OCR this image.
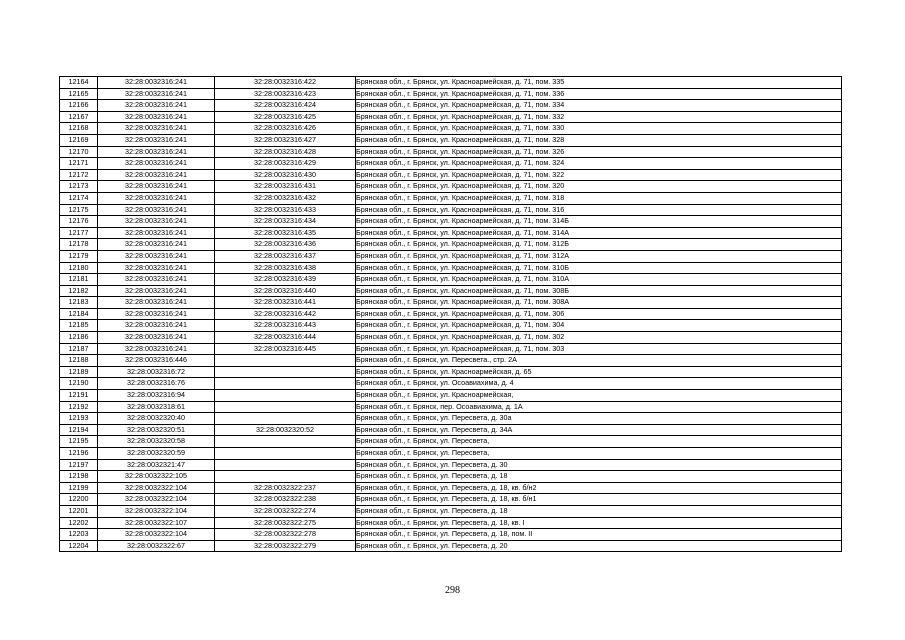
12164	32:28:0032316:241	32:28:0032316:422	Брянская обл., г. Брянск, ул. Красноармейская, д. 71, пом. 335
12165	32:28:0032316:241	32:28:0032316:423	Брянская обл., г. Брянск, ул. Красноармейская, д. 71, пом. 336
12166	32:28:0032316:241	32:28:0032316:424	Брянская обл., г. Брянск, ул. Красноармейская, д. 71, пом. 334
12167	32:28:0032316:241	32:28:0032316:425	Брянская обл., г. Брянск, ул. Красноармейская, д. 71, пом. 332
12168	32:28:0032316:241	32:28:0032316:426	Брянская обл., г. Брянск, ул. Красноармейская, д. 71, пом. 330
12169	32:28:0032316:241	32:28:0032316:427	Брянская обл., г. Брянск, ул. Красноармейская, д. 71, пом. 328
12170	32:28:0032316:241	32:28:0032316:428	Брянская обл., г. Брянск, ул. Красноармейская, д. 71, пом. 326
12171	32:28:0032316:241	32:28:0032316:429	Брянская обл., г. Брянск, ул. Красноармейская, д. 71, пом. 324
12172	32:28:0032316:241	32:28:0032316:430	Брянская обл., г. Брянск, ул. Красноармейская, д. 71, пом. 322
12173	32:28:0032316:241	32:28:0032316:431	Брянская обл., г. Брянск, ул. Красноармейская, д. 71, пом. 320
12174	32:28:0032316:241	32:28:0032316:432	Брянская обл., г. Брянск, ул. Красноармейская, д. 71, пом. 318
12175	32:28:0032316:241	32:28:0032316:433	Брянская обл., г. Брянск, ул. Красноармейская, д. 71, пом. 316
12176	32:28:0032316:241	32:28:0032316:434	Брянская обл., г. Брянск, ул. Красноармейская, д. 71, пом. 314Б
12177	32:28:0032316:241	32:28:0032316:435	Брянская обл., г. Брянск, ул. Красноармейская, д. 71, пом. 314А
12178	32:28:0032316:241	32:28:0032316:436	Брянская обл., г. Брянск, ул. Красноармейская, д. 71, пом. 312Б
12179	32:28:0032316:241	32:28:0032316:437	Брянская обл., г. Брянск, ул. Красноармейская, д. 71, пом. 312А
12180	32:28:0032316:241	32:28:0032316:438	Брянская обл., г. Брянск, ул. Красноармейская, д. 71, пом. 310Б
12181	32:28:0032316:241	32:28:0032316:439	Брянская обл., г. Брянск, ул. Красноармейская, д. 71, пом. 310А
12182	32:28:0032316:241	32:28:0032316:440	Брянская обл., г. Брянск, ул. Красноармейская, д. 71, пом. 308Б
12183	32:28:0032316:241	32:28:0032316:441	Брянская обл., г. Брянск, ул. Красноармейская, д. 71, пом. 308А
12184	32:28:0032316:241	32:28:0032316:442	Брянская обл., г. Брянск, ул. Красноармейская, д. 71, пом. 306
12185	32:28:0032316:241	32:28:0032316:443	Брянская обл., г. Брянск, ул. Красноармейская, д. 71, пом. 304
12186	32:28:0032316:241	32:28:0032316:444	Брянская обл., г. Брянск, ул. Красноармейская, д. 71, пом. 302
12187	32:28:0032316:241	32:28:0032316:445	Брянская обл., г. Брянск, ул. Красноармейская, д. 71, пом. 303
12188	32:28:0032316:446		Брянская обл., г. Брянск, ул. Пересвета., стр. 2А
12189	32:28:0032316:72		Брянская обл., г. Брянск, ул. Красноармейская, д. 65
12190	32:28:0032316:76		Брянская обл., г. Брянск, ул. Осоавиахима, д. 4
12191	32:28:0032316:94		Брянская обл., г. Брянск, ул. Красноармейская,
12192	32:28:0032318:61		Брянская обл., г. Брянск, пер. Осоавиахима, д. 1А
12193	32:28:0032320:40		Брянская обл., г. Брянск, ул. Пересвета, д. 30а
12194	32:28:0032320:51	32:28:0032320:52	Брянская обл., г. Брянск, ул. Пересвета, д. 34А
12195	32:28:0032320:58		Брянская обл., г. Брянск, ул. Пересвета,
12196	32:28:0032320:59		Брянская обл., г. Брянск, ул. Пересвета,
12197	32:28:0032321:47		Брянская обл., г. Брянск, ул. Пересвета, д. 30
12198	32:28:0032322:105		Брянская обл., г. Брянск, ул. Пересвета, д. 18
12199	32:28:0032322:104	32:28:0032322:237	Брянская обл., г. Брянск, ул. Пересвета, д. 18, кв. б/н2
12200	32:28:0032322:104	32:28:0032322:238	Брянская обл., г. Брянск, ул. Пересвета, д. 18, кв. б/н1
12201	32:28:0032322:104	32:28:0032322:274	Брянская обл., г. Брянск, ул. Пересвета, д. 18
12202	32:28:0032322:107	32:28:0032322:275	Брянская обл., г. Брянск, ул. Пересвета, д. 18, кв. I
12203	32:28:0032322:104	32:28:0032322:278	Брянская обл., г. Брянск, ул. Пересвета, д. 18, пом. II
12204	32:28:0032322:67	32:28:0032322:279	Брянская обл., г. Брянск, ул. Пересвета, д. 20
298
